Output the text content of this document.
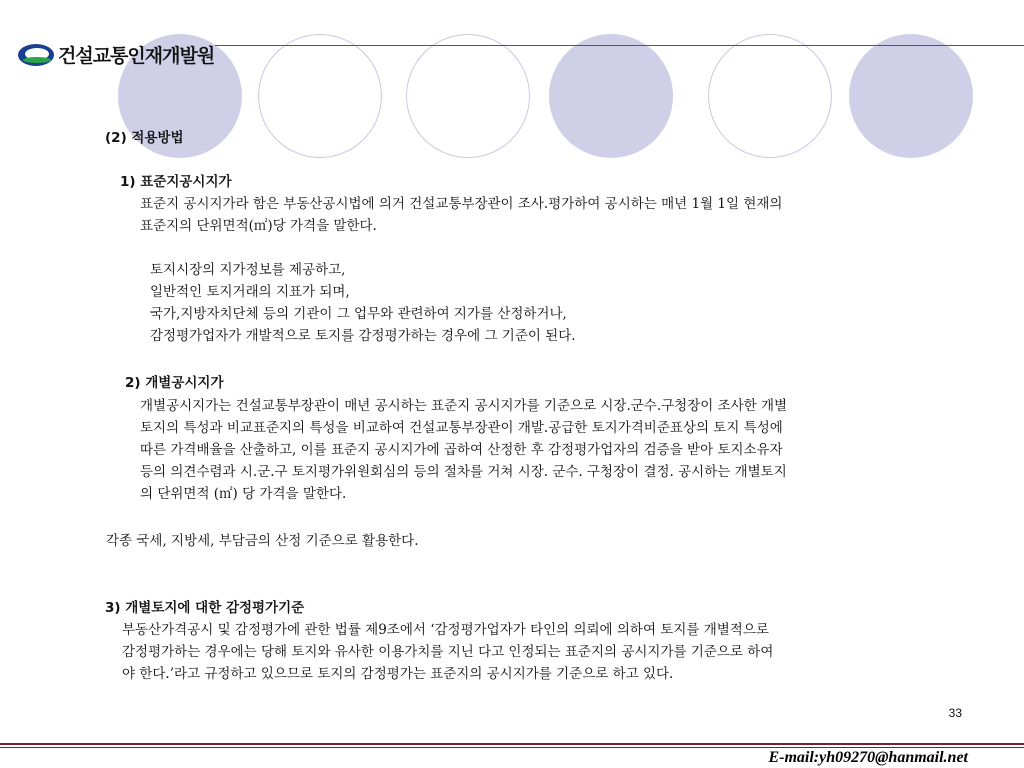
건설교통인재개발원
(2) 적용방법
1) 표준지공시지가
표준지 공시지가라 함은 부동산공시법에 의거 건설교통부장관이 조사.평가하여 공시하는 매년 1월 1일 현재의
표준지의 단위면적(㎡)당 가격을 말한다.
토지시장의 지가정보를 제공하고,
일반적인 토지거래의 지표가 되며,
국가,지방자치단체 등의 기관이 그 업무와 관련하여 지가를 산정하거나,
감정평가업자가 개발적으로 토지를 감정평가하는 경우에 그 기준이 된다.
2) 개별공시지가
개별공시지가는 건설교통부장관이 매년 공시하는 표준지 공시지가를 기준으로 시장.군수.구청장이 조사한 개별
토지의 특성과 비교표준지의 특성을 비교하여 건설교통부장관이 개발.공급한 토지가격비준표상의 토지 특성에
따른 가격배율을 산출하고, 이를 표준지 공시지가에 곱하여 산정한 후 감정평가업자의 검증을 받아 토지소유자
등의 의견수렴과 시.군.구 토지평가위원회심의 등의 절차를 거쳐 시장. 군수. 구청장이 결정. 공시하는 개별토지
의 단위면적 (㎡) 당 가격을 말한다.
각종 국세, 지방세, 부담금의 산정 기준으로 활용한다.
3) 개별토지에 대한 감정평가기준
부동산가격공시 및 감정평가에 관한 법률 제9조에서 ‘감정평가업자가 타인의 의뢰에 의하여 토지를 개별적으로
감정평가하는 경우에는 당해 토지와 유사한 이용가치를 지닌 다고 인정되는 표준지의 공시지가를 기준으로 하여
야 한다.’라고 규정하고 있으므로 토지의 감정평가는 표준지의 공시지가를 기준으로 하고 있다.
33
E-mail:yh09270@hanmail.net
